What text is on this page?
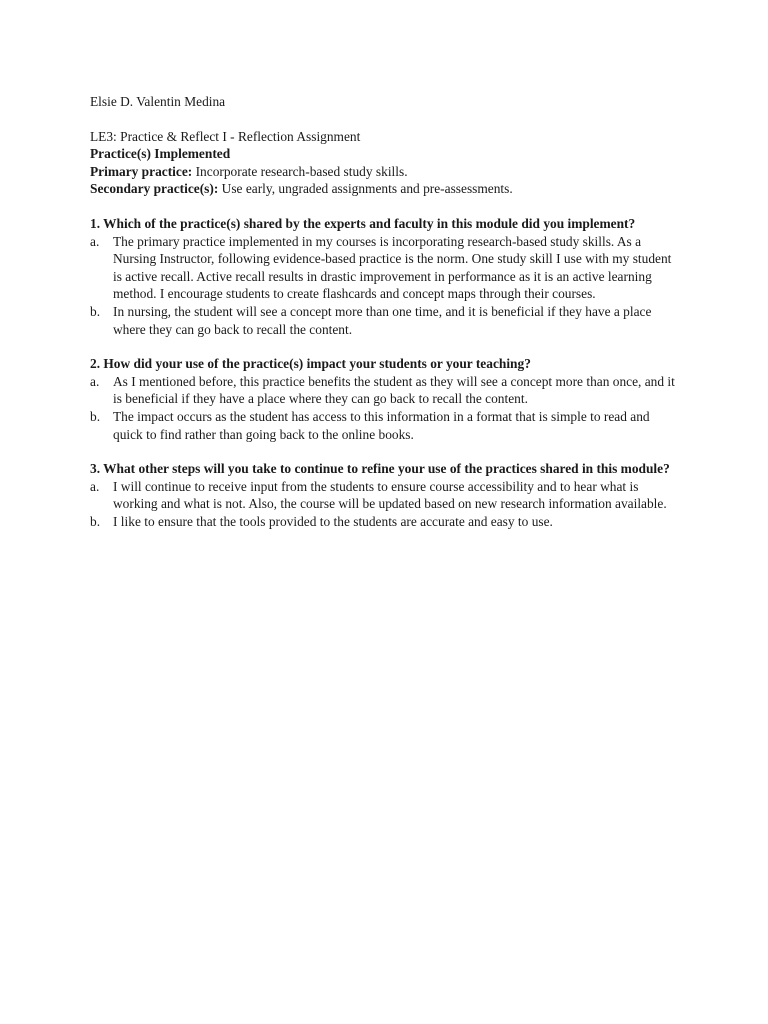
Elsie D. Valentin Medina

LE3: Practice & Reflect I - Reflection Assignment

Practice(s) Implemented

Primary practice: Incorporate research-based study skills.

Secondary practice(s): Use early, ungraded assignments and pre-assessments.

1. Which of the practice(s) shared by the experts and faculty in this module did you implement?

a. The primary practice implemented in my courses is incorporating research-based study skills. As a Nursing Instructor, following evidence-based practice is the norm. One study skill I use with my student is active recall. Active recall results in drastic improvement in performance as it is an active learning method. I encourage students to create flashcards and concept maps through their courses.
b. In nursing, the student will see a concept more than one time, and it is beneficial if they have a place where they can go back to recall the content.

2. How did your use of the practice(s) impact your students or your teaching?

a. As I mentioned before, this practice benefits the student as they will see a concept more than once, and it is beneficial if they have a place where they can go back to recall the content.
b. The impact occurs as the student has access to this information in a format that is simple to read and quick to find rather than going back to the online books.

3. What other steps will you take to continue to refine your use of the practices shared in this module?

a. I will continue to receive input from the students to ensure course accessibility and to hear what is working and what is not. Also, the course will be updated based on new research information available.
b. I like to ensure that the tools provided to the students are accurate and easy to use.
